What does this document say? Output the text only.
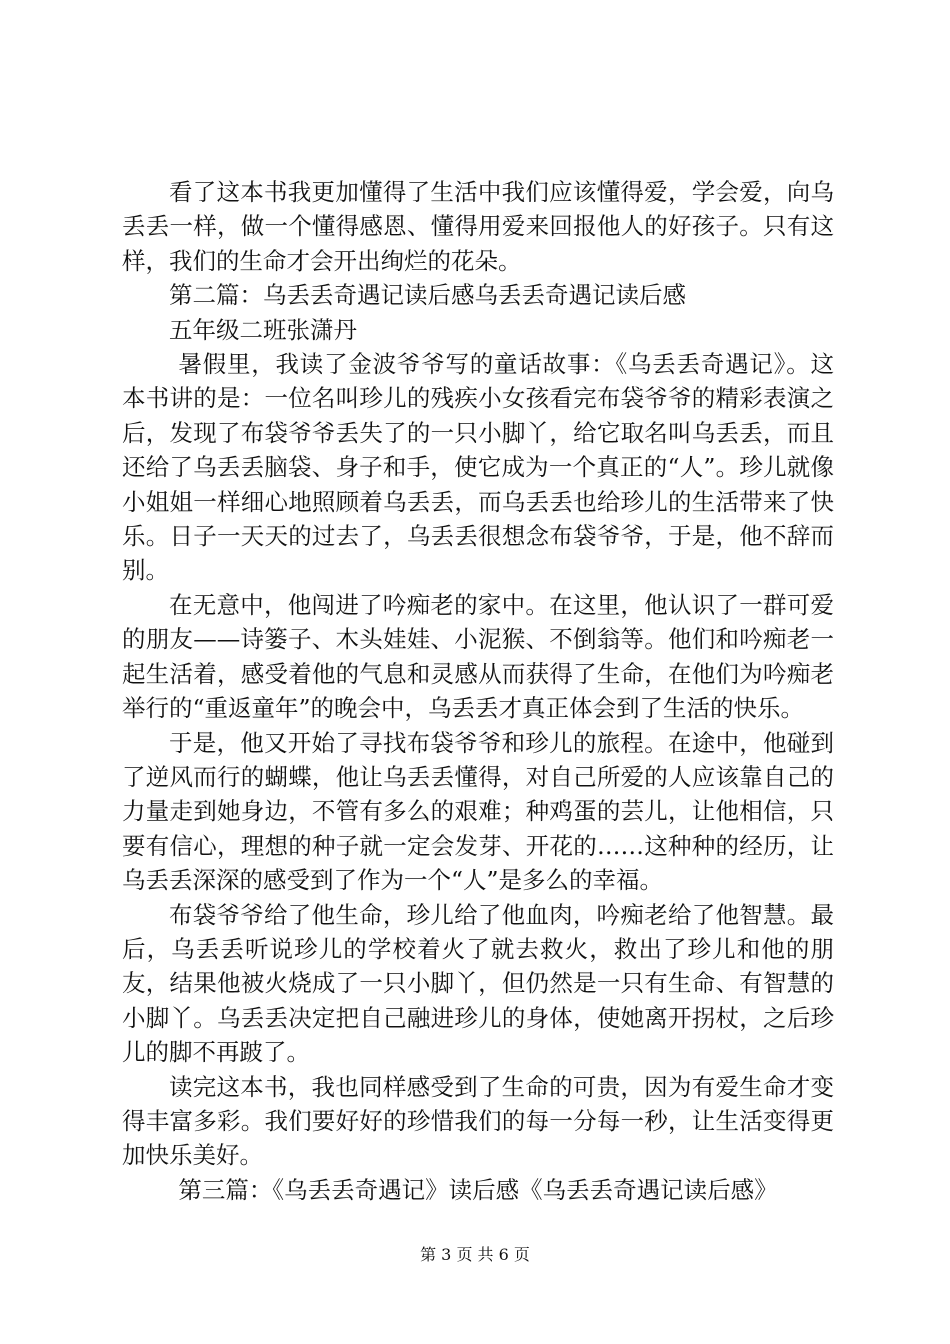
看了这本书我更加懂得了生活中我们应该懂得爱，学会爱，向乌丢丢一样，做一个懂得感恩、懂得用爱来回报他人的好孩子。只有这样，我们的生命才会开出绚烂的花朵。

第二篇：乌丢丢奇遇记读后感乌丢丢奇遇记读后感

五年级二班张潇丹

暑假里，我读了金波爷爷写的童话故事：《乌丢丢奇遇记》。这本书讲的是：一位名叫珍儿的残疾小女孩看完布袋爷爷的精彩表演之后，发现了布袋爷爷丢失了的一只小脚丫，给它取名叫乌丢丢，而且还给了乌丢丢脑袋、身子和手，使它成为一个真正的“人”。珍儿就像小姐姐一样细心地照顾着乌丢丢，而乌丢丢也给珍儿的生活带来了快乐。日子一天天的过去了，乌丢丢很想念布袋爷爷，于是，他不辞而别。

在无意中，他闯进了吟痴老的家中。在这里，他认识了一群可爱的朋友——诗篓子、木头娃娃、小泥猴、不倒翁等。他们和吟痴老一起生活着，感受着他的气息和灵感从而获得了生命，在他们为吟痴老举行的“重返童年”的晚会中，乌丢丢才真正体会到了生活的快乐。

于是，他又开始了寻找布袋爷爷和珍儿的旅程。在途中，他碰到了逆风而行的蝴蝶，他让乌丢丢懂得，对自己所爱的人应该靠自己的力量走到她身边，不管有多么的艰难；种鸡蛋的芸儿，让他相信，只要有信心，理想的种子就一定会发芽、开花的……这种种的经历，让乌丢丢深深的感受到了作为一个“人”是多么的幸福。

布袋爷爷给了他生命，珍儿给了他血肉，吟痴老给了他智慧。最后，乌丢丢听说珍儿的学校着火了就去救火，救出了珍儿和他的朋友，结果他被火烧成了一只小脚丫，但仍然是一只有生命、有智慧的小脚丫。乌丢丢决定把自己融进珍儿的身体，使她离开拐杖，之后珍儿的脚不再跛了。

读完这本书，我也同样感受到了生命的可贵，因为有爱生命才变得丰富多彩。我们要好好的珍惜我们的每一分每一秒，让生活变得更加快乐美好。

第三篇：《乌丢丢奇遇记》读后感《乌丢丢奇遇记读后感》

第 3 页 共 6 页
